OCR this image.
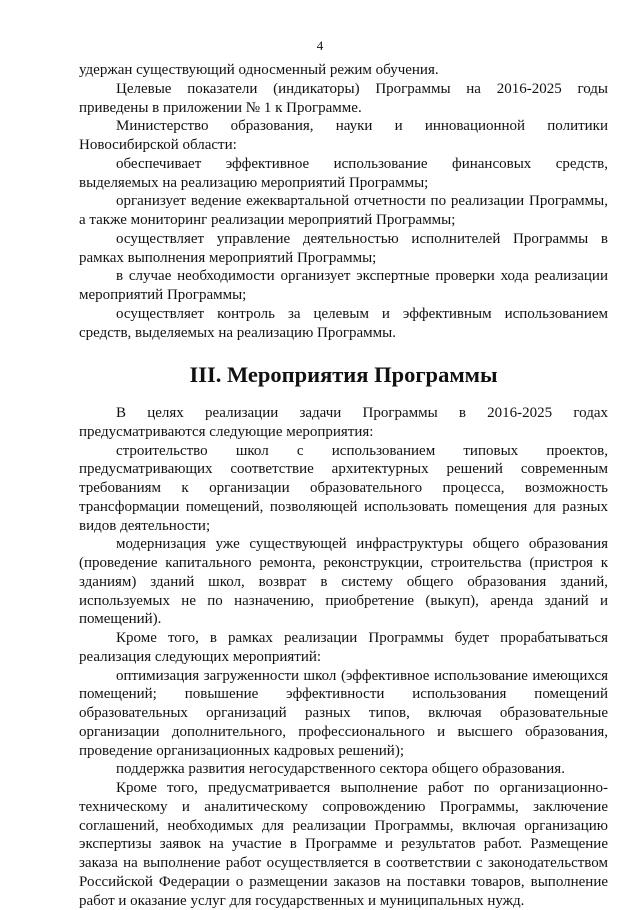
4

удержан существующий односменный режим обучения.

Целевые показатели (индикаторы) Программы на 2016-2025 годы приведены в приложении № 1 к Программе.

Министерство образования, науки и инновационной политики Новосибирской области:

обеспечивает эффективное использование финансовых средств, выделяемых на реализацию мероприятий Программы;

организует ведение ежеквартальной отчетности по реализации Программы, а также мониторинг реализации мероприятий Программы;

осуществляет управление деятельностью исполнителей Программы в рамках выполнения мероприятий Программы;

в случае необходимости организует экспертные проверки хода реализации мероприятий Программы;

осуществляет контроль за целевым и эффективным использованием средств, выделяемых на реализацию Программы.

III. Мероприятия Программы

В целях реализации задачи Программы в 2016-2025 годах предусматриваются следующие мероприятия:

строительство школ с использованием типовых проектов, предусматривающих соответствие архитектурных решений современным требованиям к организации образовательного процесса, возможность трансформации помещений, позволяющей использовать помещения для разных видов деятельности;

модернизация уже существующей инфраструктуры общего образования (проведение капитального ремонта, реконструкции, строительства (пристроя к зданиям) зданий школ, возврат в систему общего образования зданий, используемых не по назначению, приобретение (выкуп), аренда зданий и помещений).

Кроме того, в рамках реализации Программы будет прорабатываться реализация следующих мероприятий:

оптимизация загруженности школ (эффективное использование имеющихся помещений; повышение эффективности использования помещений образовательных организаций разных типов, включая образовательные организации дополнительного, профессионального и высшего образования, проведение организационных кадровых решений);

поддержка развития негосударственного сектора общего образования.

Кроме того, предусматривается выполнение работ по организационно-техническому и аналитическому сопровождению Программы, заключение соглашений, необходимых для реализации Программы, включая организацию экспертизы заявок на участие в Программе и результатов работ. Размещение заказа на выполнение работ осуществляется в соответствии с законодательством Российской Федерации о размещении заказов на поставки товаров, выполнение работ и оказание услуг для государственных и муниципальных нужд.
